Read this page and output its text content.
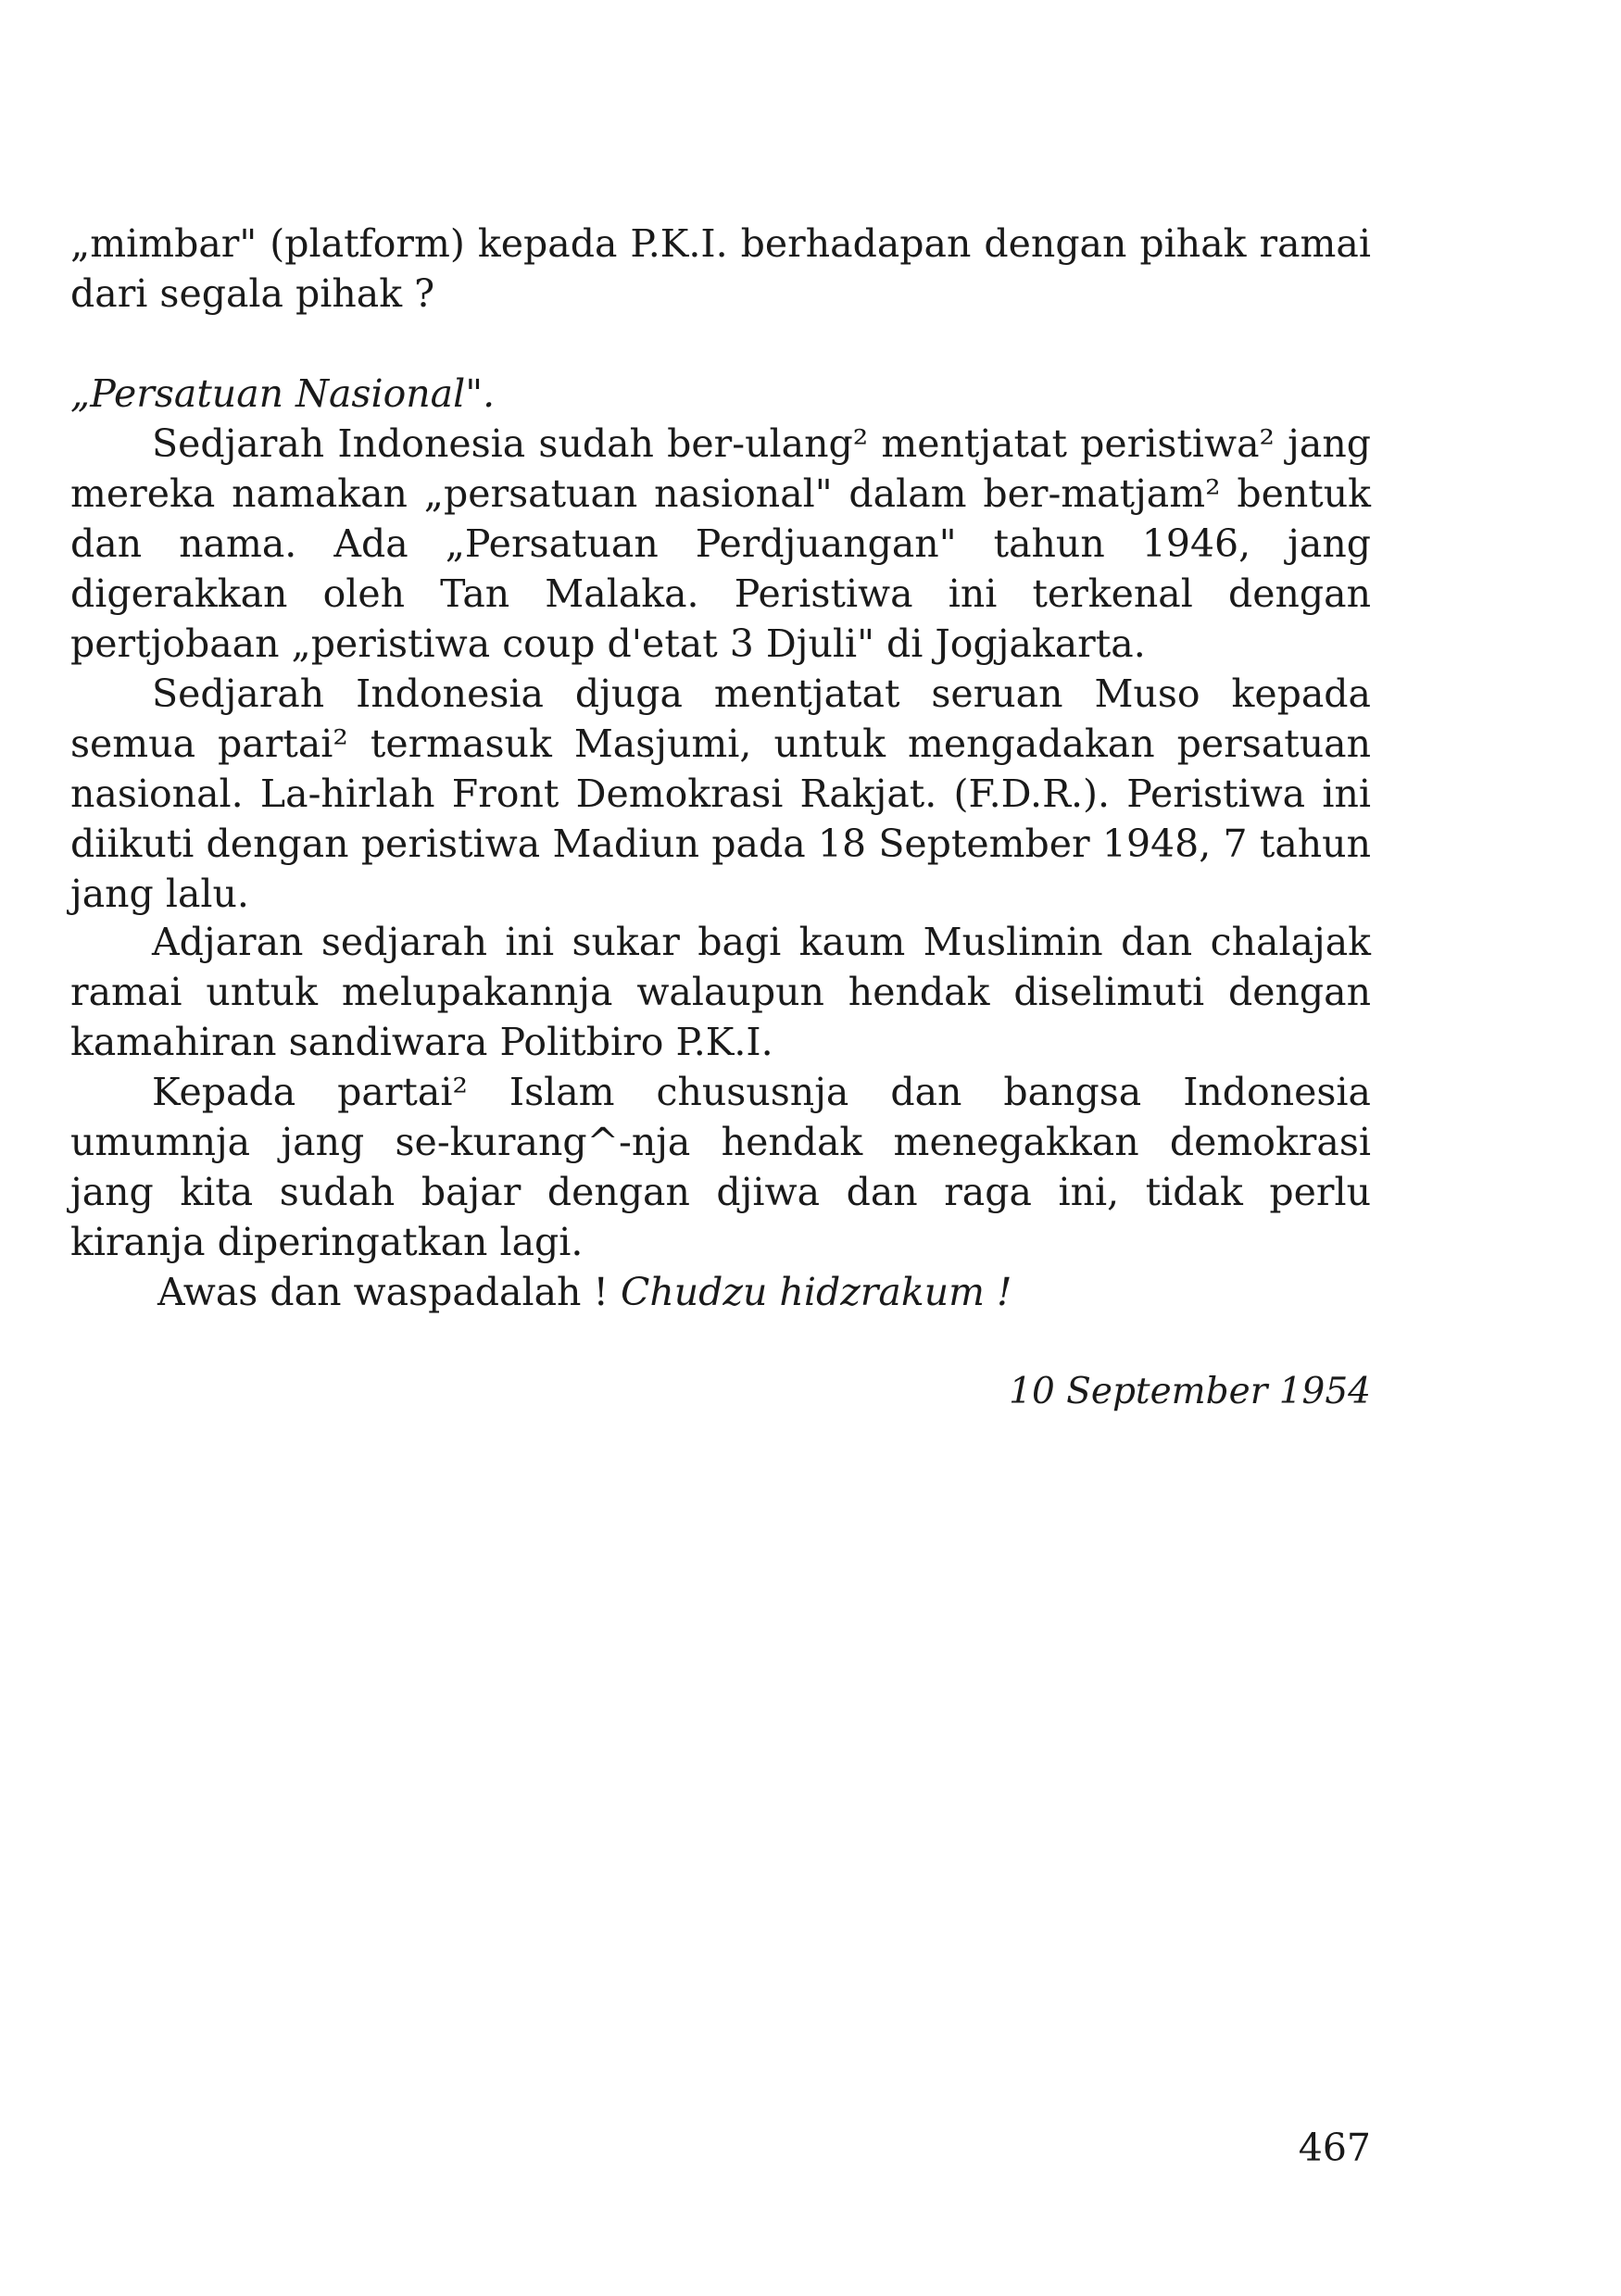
„mimbar" (platform) kepada P.K.I. berhadapan dengan pihak ramai dari segala pihak ?

„Persatuan Nasional".

Sedjarah Indonesia sudah ber-ulang² mentjatat peristiwa² jang mereka namakan „persatuan nasional" dalam ber-matjam² bentuk dan nama. Ada „Persatuan Perdjuangan" tahun 1946, jang digerakkan oleh Tan Malaka. Peristiwa ini terkenal dengan pertjobaan „peristiwa coup d'etat 3 Djuli" di Jogjakarta.

Sedjarah Indonesia djuga mentjatat seruan Muso kepada semua partai² termasuk Masjumi, untuk mengadakan persatuan nasional. La-hirlah Front Demokrasi Rakjat. (F.D.R.). Peristiwa ini diikuti dengan peristiwa Madiun pada 18 September 1948, 7 tahun jang lalu.

Adjaran sedjarah ini sukar bagi kaum Muslimin dan chalajak ramai untuk melupakannja walaupun hendak diselimuti dengan kamahiran sandiwara Politbiro P.K.I.

Kepada partai² Islam chususnja dan bangsa Indonesia umumnja jang se-kurang^-nja hendak menegakkan demokrasi jang kita sudah bajar dengan djiwa dan raga ini, tidak perlu kiranja diperingatkan lagi.

Awas dan waspadalah ! Chudzu hidzrakum !

10 September 1954
467
